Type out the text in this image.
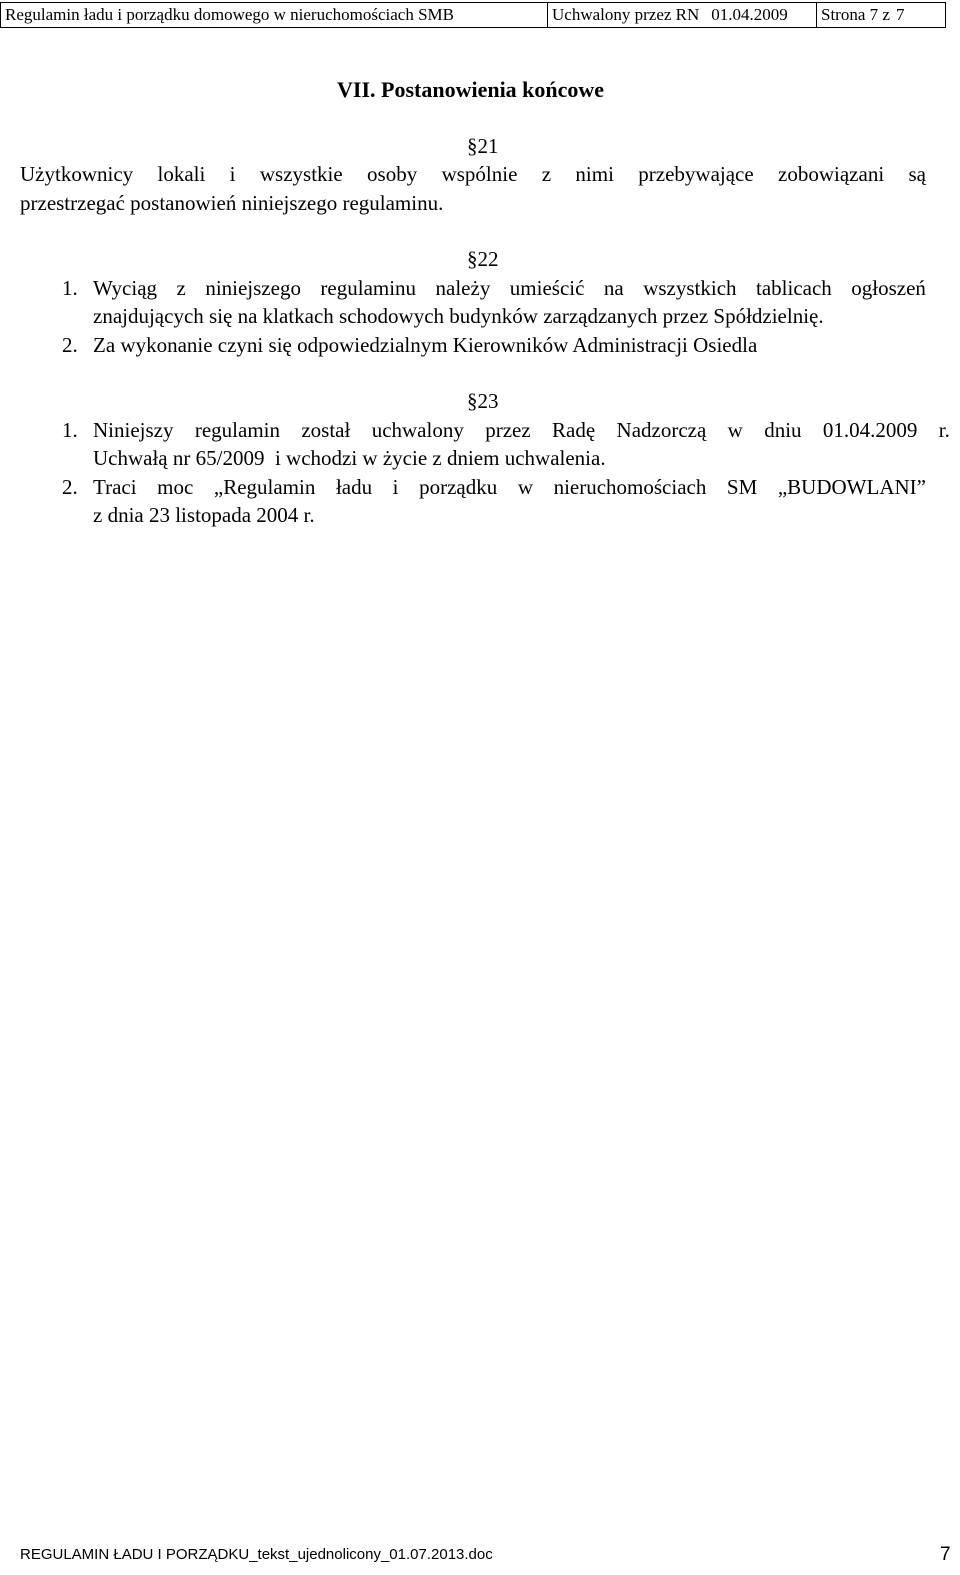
Regulamin ładu i porządku domowego w nieruchomościach SMB	Uchwalony przez RN 01.04.2009	Strona 7 z 7
VII. Postanowienia końcowe
§21
Użytkownicy lokali i wszystkie osoby wspólnie z nimi przebywające zobowiązani są
przestrzegać postanowień niniejszego regulaminu.
§22
1. Wyciąg z niniejszego regulaminu należy umieścić na wszystkich tablicach ogłoszeń
znajdujących się na klatkach schodowych budynków zarządzanych przez Spółdzielnię.
2. Za wykonanie czyni się odpowiedzialnym Kierowników Administracji Osiedla
§23
1. Niniejszy regulamin został uchwalony przez Radę Nadzorczą w dniu 01.04.2009 r.
Uchwałą nr 65/2009  i wchodzi w życie z dniem uchwalenia.
2. Traci moc „Regulamin ładu i porządku w nieruchomościach SM „BUDOWLANI”
z dnia 23 listopada 2004 r.
REGULAMIN ŁADU I PORZĄDKU_tekst_ujednolicony_01.07.2013.doc	7
